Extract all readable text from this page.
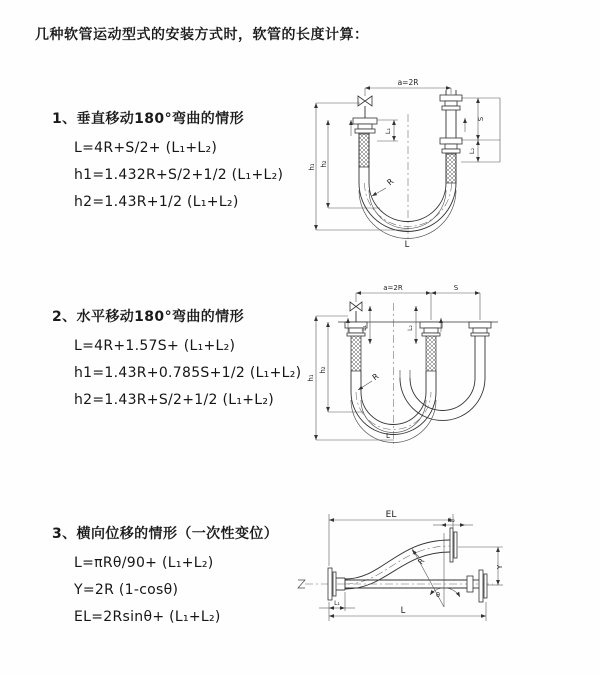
几种软管运动型式的安装方式时，软管的长度计算：
1、垂直移动180°弯曲的情形
L=4R+S/2+ (L₁+L₂)
h1=1.432R+S/2+1/2 (L₁+L₂)
h2=1.43R+1/2 (L₁+L₂)
2、水平移动180°弯曲的情形
L=4R+1.57S+ (L₁+L₂)
h1=1.43R+0.785S+1/2 (L₁+L₂)
h2=1.43R+S/2+1/2 (L₁+L₂)
3、横向位移的情形（一次性变位）
L=πRθ/90+ (L₁+L₂)
Y=2R (1-cosθ)
EL=2Rsinθ+ (L₁+L₂)
a=2R
h₁ h₂
L₁
S
L₂
R
L
a=2R	S
h₁
h₂
L₁	L₂
R
L
EL
L₂
Y
R
θ
L
L₁
